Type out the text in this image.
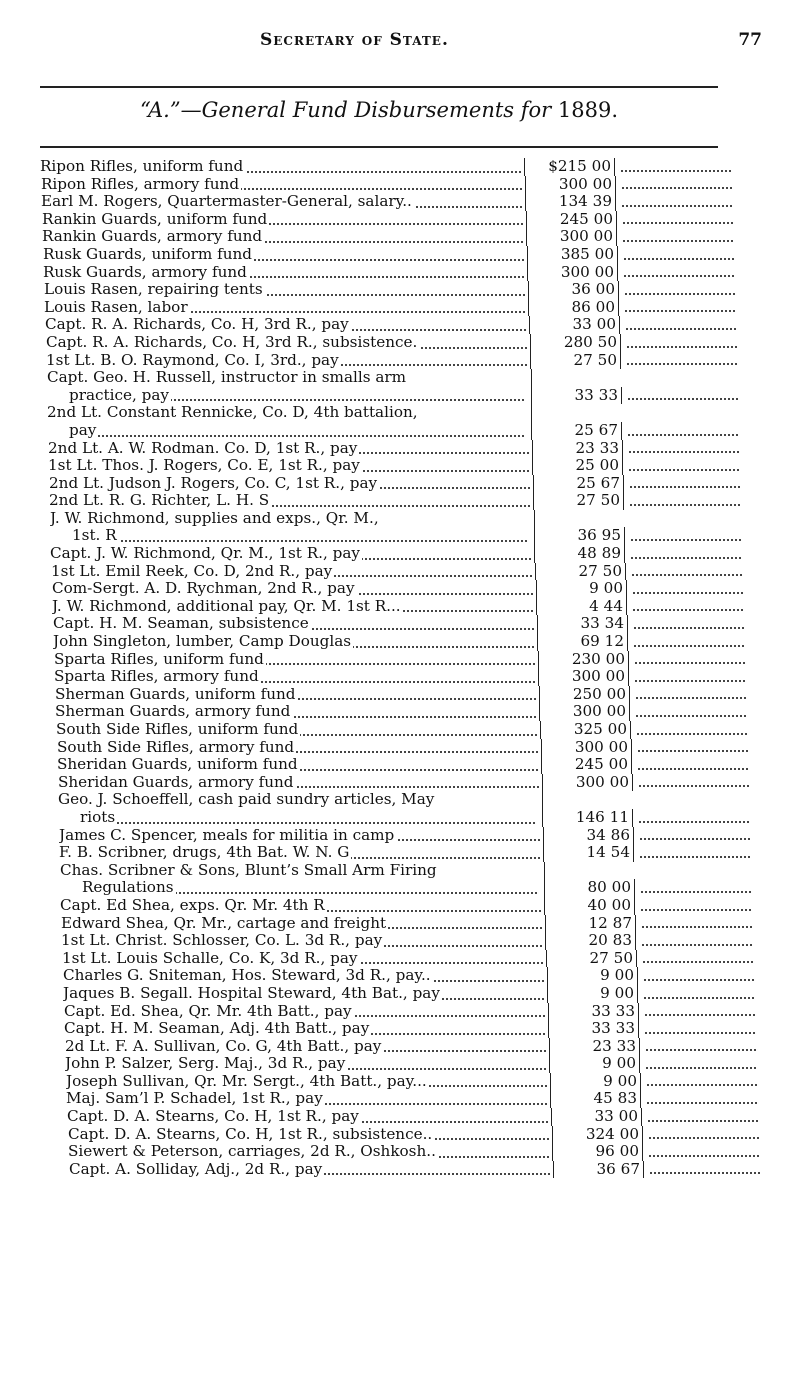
Secretary of State.	77
“A.”—General Fund Disbursements for 1889.
Ripon Rifles, uniform fund	$215 00
Ripon Rifles, armory fund	300 00
Earl M. Rogers, Quartermaster-General, salary..	134 39
Rankin Guards, uniform fund	245 00
Rankin Guards, armory fund	300 00
Rusk Guards, uniform fund	385 00
Rusk Guards, armory fund	300 00
Louis Rasen, repairing tents	36 00
Louis Rasen, labor	86 00
Capt. R. A. Richards, Co. H, 3rd R., pay	33 00
Capt. R. A. Richards, Co. H, 3rd R., subsistence.	280 50
1st Lt. B. O. Raymond, Co. I, 3rd., pay	27 50
Capt. Geo. H. Russell, instructor in smalls arm
practice, pay	33 33
2nd Lt. Constant Rennicke, Co. D, 4th battalion,
pay	25 67
2nd Lt. A. W. Rodman. Co. D, 1st R., pay	23 33
1st Lt. Thos. J. Rogers, Co. E, 1st R., pay	25 00
2nd Lt. Judson J. Rogers, Co. C, 1st R., pay	25 67
2nd Lt. R. G. Richter, L. H. S	27 50
J. W. Richmond, supplies and exps., Qr. M.,
1st. R	36 95
Capt. J. W. Richmond, Qr. M., 1st R., pay	48 89
1st Lt. Emil Reek, Co. D, 2nd R., pay	27 50
Com-Sergt. A. D. Rychman, 2nd R., pay	9 00
J. W. Richmond, additional pay, Qr. M. 1st R...	4 44
Capt. H. M. Seaman, subsistence	33 34
John Singleton, lumber, Camp Douglas	69 12
Sparta Rifles, uniform fund	230 00
Sparta Rifles, armory fund	300 00
Sherman Guards, uniform fund	250 00
Sherman Guards, armory fund	300 00
South Side Rifles, uniform fund	325 00
South Side Rifles, armory fund	300 00
Sheridan Guards, uniform fund	245 00
Sheridan Guards, armory fund	300 00
Geo. J. Schoeffell, cash paid sundry articles, May
riots	146 11
James C. Spencer, meals for militia in camp	34 86
F. B. Scribner, drugs, 4th Bat. W. N. G	14 54
Chas. Scribner & Sons, Blunt’s Small Arm Firing
Regulations	80 00
Capt. Ed Shea, exps. Qr. Mr. 4th R	40 00
Edward Shea, Qr. Mr., cartage and freight	12 87
1st Lt. Christ. Schlosser, Co. L. 3d R., pay	20 83
1st Lt. Louis Schalle, Co. K, 3d R., pay	27 50
Charles G. Sniteman, Hos. Steward, 3d R., pay..	9 00
Jaques B. Segall. Hospital Steward, 4th Bat., pay	9 00
Capt. Ed. Shea, Qr. Mr. 4th Batt., pay	33 33
Capt. H. M. Seaman, Adj. 4th Batt., pay	33 33
2d Lt. F. A. Sullivan, Co. G, 4th Batt., pay	23 33
John P. Salzer, Serg. Maj., 3d R., pay	9 00
Joseph Sullivan, Qr. Mr. Sergt., 4th Batt., pay...	9 00
Maj. Sam’l P. Schadel, 1st R., pay	45 83
Capt. D. A. Stearns, Co. H, 1st R., pay	33 00
Capt. D. A. Stearns, Co. H, 1st R., subsistence..	324 00
Siewert & Peterson, carriages, 2d R., Oshkosh..	96 00
Capt. A. Solliday, Adj., 2d R., pay	36 67
